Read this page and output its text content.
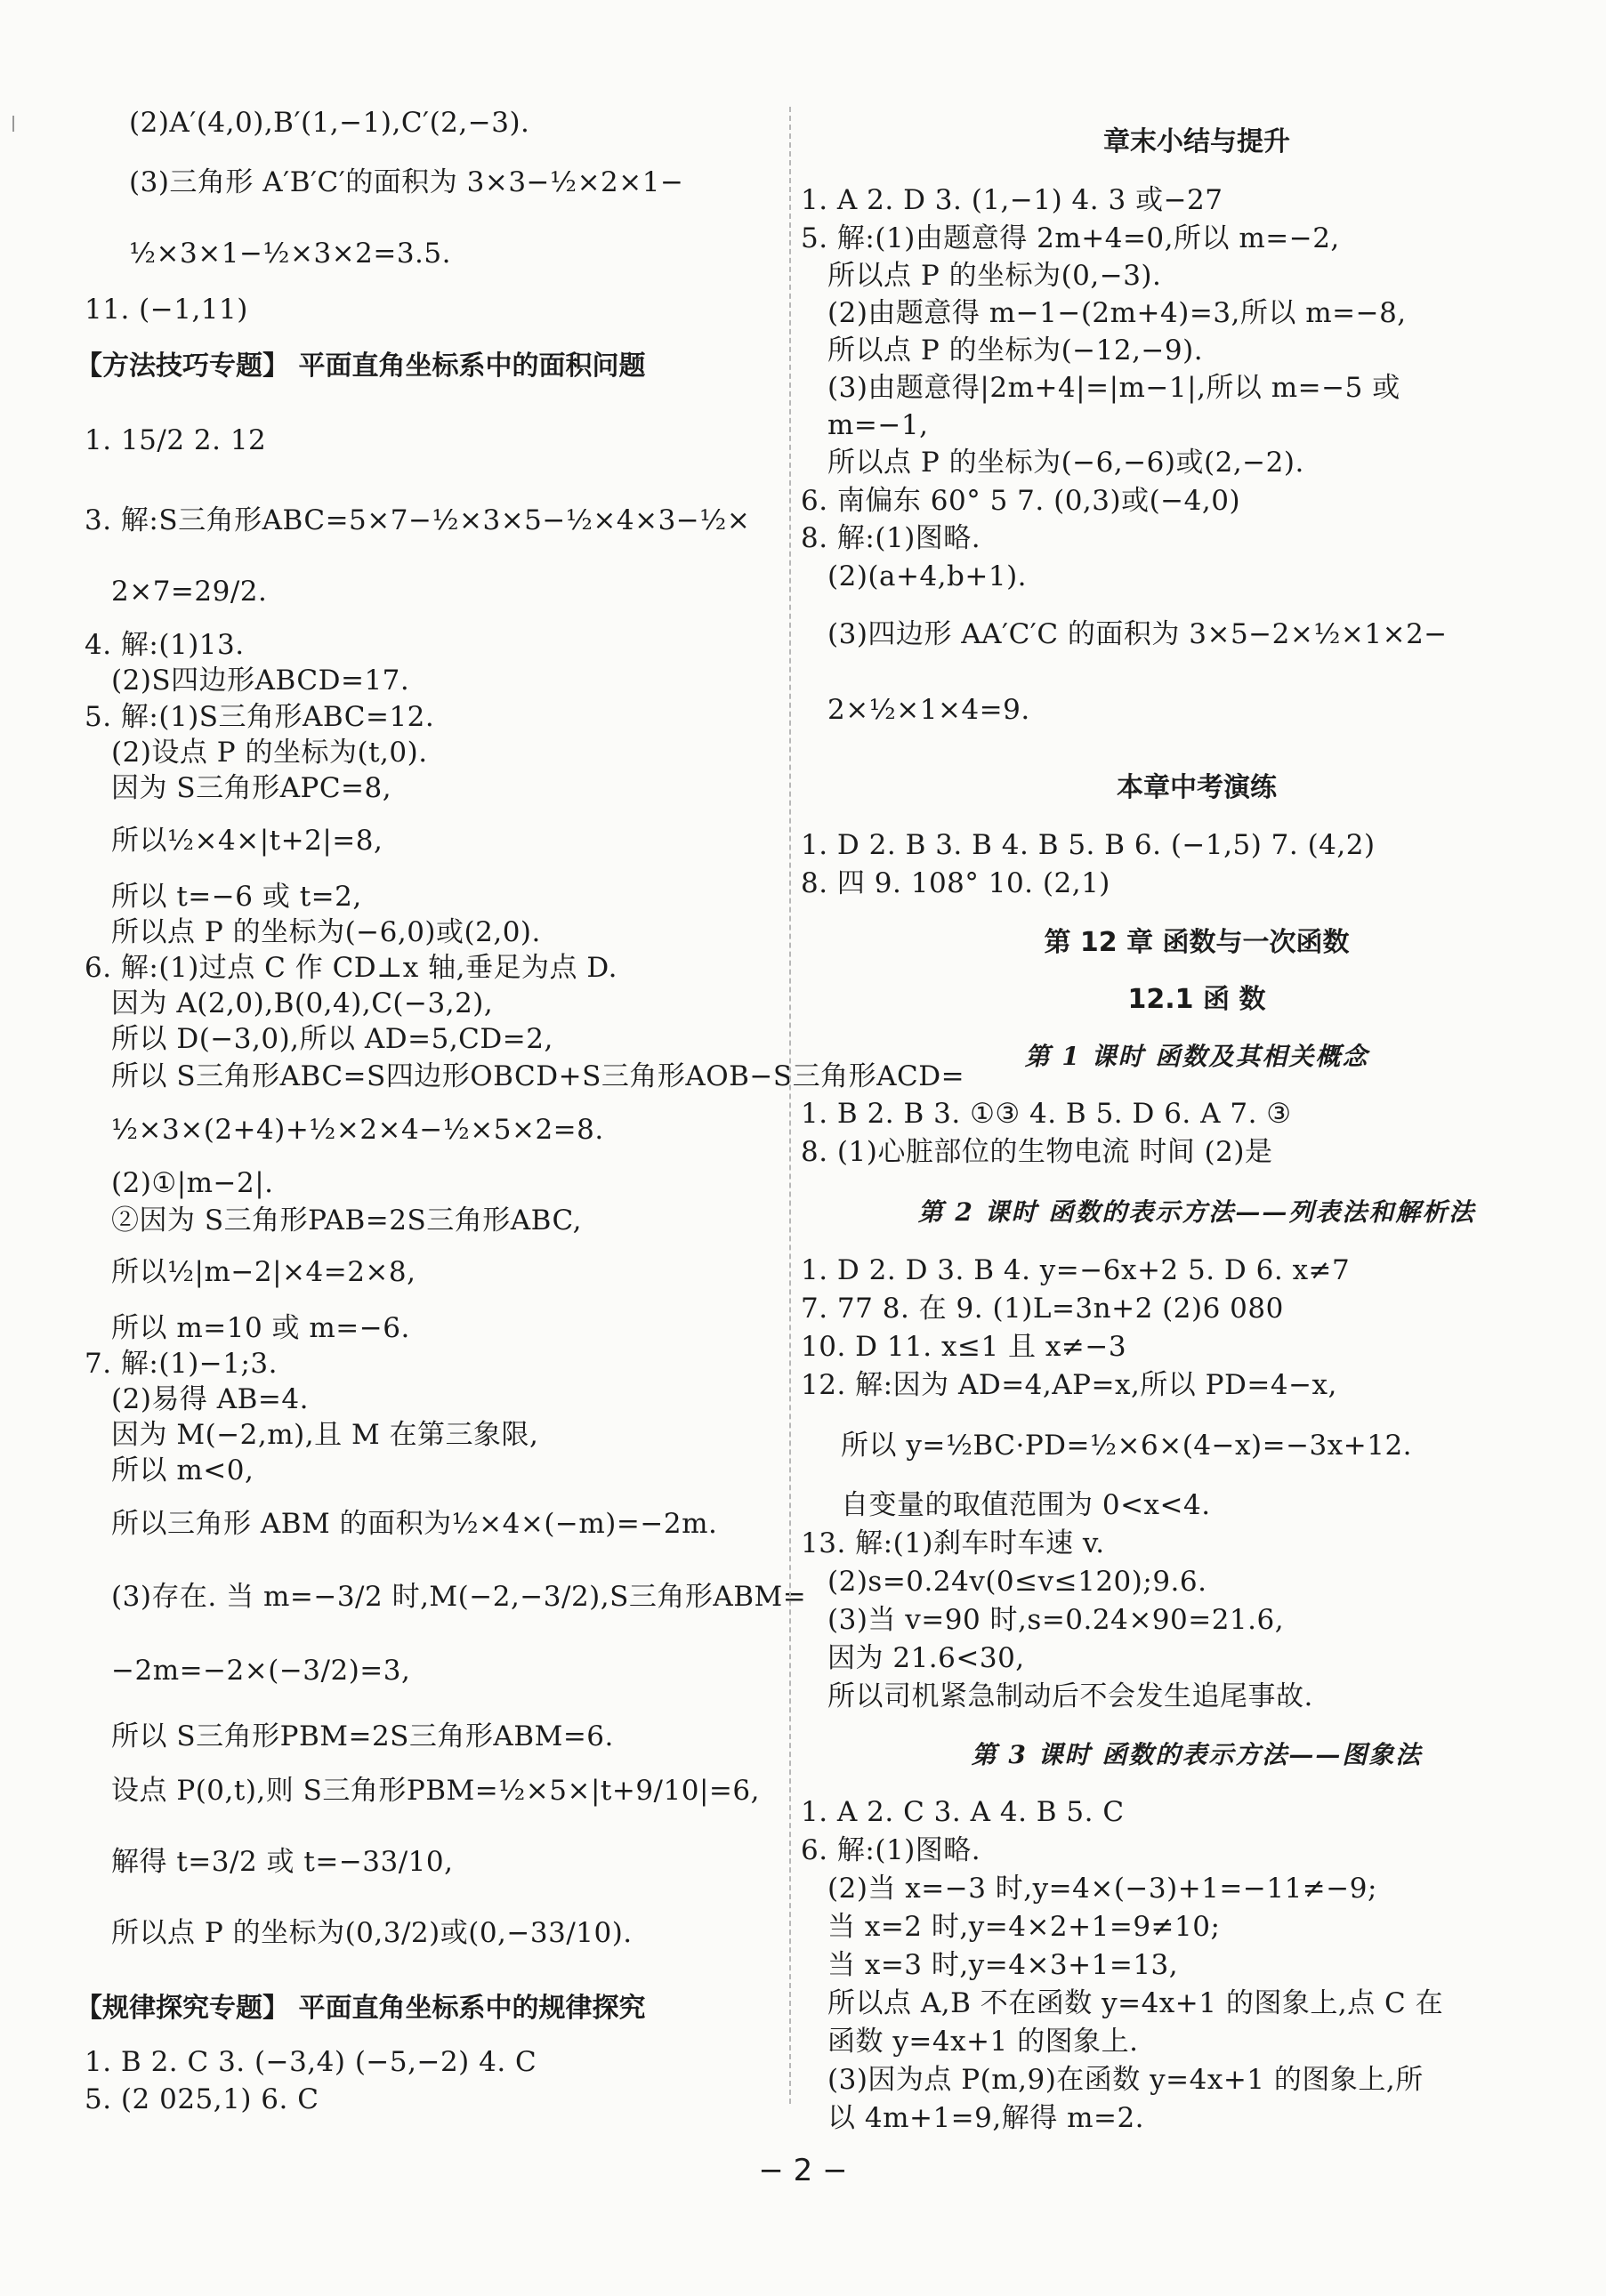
(2)A′(4,0),B′(1,−1),C′(2,−3).
(3)三角形 A′B′C′的面积为 3×3−½×2×1−
½×3×1−½×3×2=3.5.
11. (−1,11)
【方法技巧专题】 平面直角坐标系中的面积问题
1. 15/2 2. 12
3. 解:S三角形ABC=5×7−½×3×5−½×4×3−½×
2×7=29/2.
4. 解:(1)13.
(2)S四边形ABCD=17.
5. 解:(1)S三角形ABC=12.
(2)设点 P 的坐标为(t,0).
因为 S三角形APC=8,
所以½×4×|t+2|=8,
所以 t=−6 或 t=2,
所以点 P 的坐标为(−6,0)或(2,0).
6. 解:(1)过点 C 作 CD⊥x 轴,垂足为点 D.
因为 A(2,0),B(0,4),C(−3,2),
所以 D(−3,0),所以 AD=5,CD=2,
所以 S三角形ABC=S四边形OBCD+S三角形AOB−S三角形ACD=
½×3×(2+4)+½×2×4−½×5×2=8.
(2)①|m−2|.
②因为 S三角形PAB=2S三角形ABC,
所以½|m−2|×4=2×8,
所以 m=10 或 m=−6.
7. 解:(1)−1;3.
(2)易得 AB=4.
因为 M(−2,m),且 M 在第三象限,
所以 m<0,
所以三角形 ABM 的面积为½×4×(−m)=−2m.
(3)存在. 当 m=−3/2 时,M(−2,−3/2),S三角形ABM=
−2m=−2×(−3/2)=3,
所以 S三角形PBM=2S三角形ABM=6.
设点 P(0,t),则 S三角形PBM=½×5×|t+9/10|=6,
解得 t=3/2 或 t=−33/10,
所以点 P 的坐标为(0,3/2)或(0,−33/10).
【规律探究专题】 平面直角坐标系中的规律探究
1. B 2. C 3. (−3,4) (−5,−2) 4. C
5. (2 025,1) 6. C
章末小结与提升
1. A 2. D 3. (1,−1) 4. 3 或−27
5. 解:(1)由题意得 2m+4=0,所以 m=−2,
所以点 P 的坐标为(0,−3).
(2)由题意得 m−1−(2m+4)=3,所以 m=−8,
所以点 P 的坐标为(−12,−9).
(3)由题意得|2m+4|=|m−1|,所以 m=−5 或
m=−1,
所以点 P 的坐标为(−6,−6)或(2,−2).
6. 南偏东 60° 5 7. (0,3)或(−4,0)
8. 解:(1)图略.
(2)(a+4,b+1).
(3)四边形 AA′C′C 的面积为 3×5−2×½×1×2−
2×½×1×4=9.
本章中考演练
1. D 2. B 3. B 4. B 5. B 6. (−1,5) 7. (4,2)
8. 四 9. 108° 10. (2,1)
第 12 章 函数与一次函数
12.1 函 数
第 1 课时 函数及其相关概念
1. B 2. B 3. ①③ 4. B 5. D 6. A 7. ③
8. (1)心脏部位的生物电流 时间 (2)是
第 2 课时 函数的表示方法——列表法和解析法
1. D 2. D 3. B 4. y=−6x+2 5. D 6. x≠7
7. 77 8. 在 9. (1)L=3n+2 (2)6 080
10. D 11. x≤1 且 x≠−3
12. 解:因为 AD=4,AP=x,所以 PD=4−x,
所以 y=½BC·PD=½×6×(4−x)=−3x+12.
自变量的取值范围为 0<x<4.
13. 解:(1)刹车时车速 v.
(2)s=0.24v(0≤v≤120);9.6.
(3)当 v=90 时,s=0.24×90=21.6,
因为 21.6<30,
所以司机紧急制动后不会发生追尾事故.
第 3 课时 函数的表示方法——图象法
1. A 2. C 3. A 4. B 5. C
6. 解:(1)图略.
(2)当 x=−3 时,y=4×(−3)+1=−11≠−9;
当 x=2 时,y=4×2+1=9≠10;
当 x=3 时,y=4×3+1=13,
所以点 A,B 不在函数 y=4x+1 的图象上,点 C 在
函数 y=4x+1 的图象上.
(3)因为点 P(m,9)在函数 y=4x+1 的图象上,所
以 4m+1=9,解得 m=2.
− 2 −
